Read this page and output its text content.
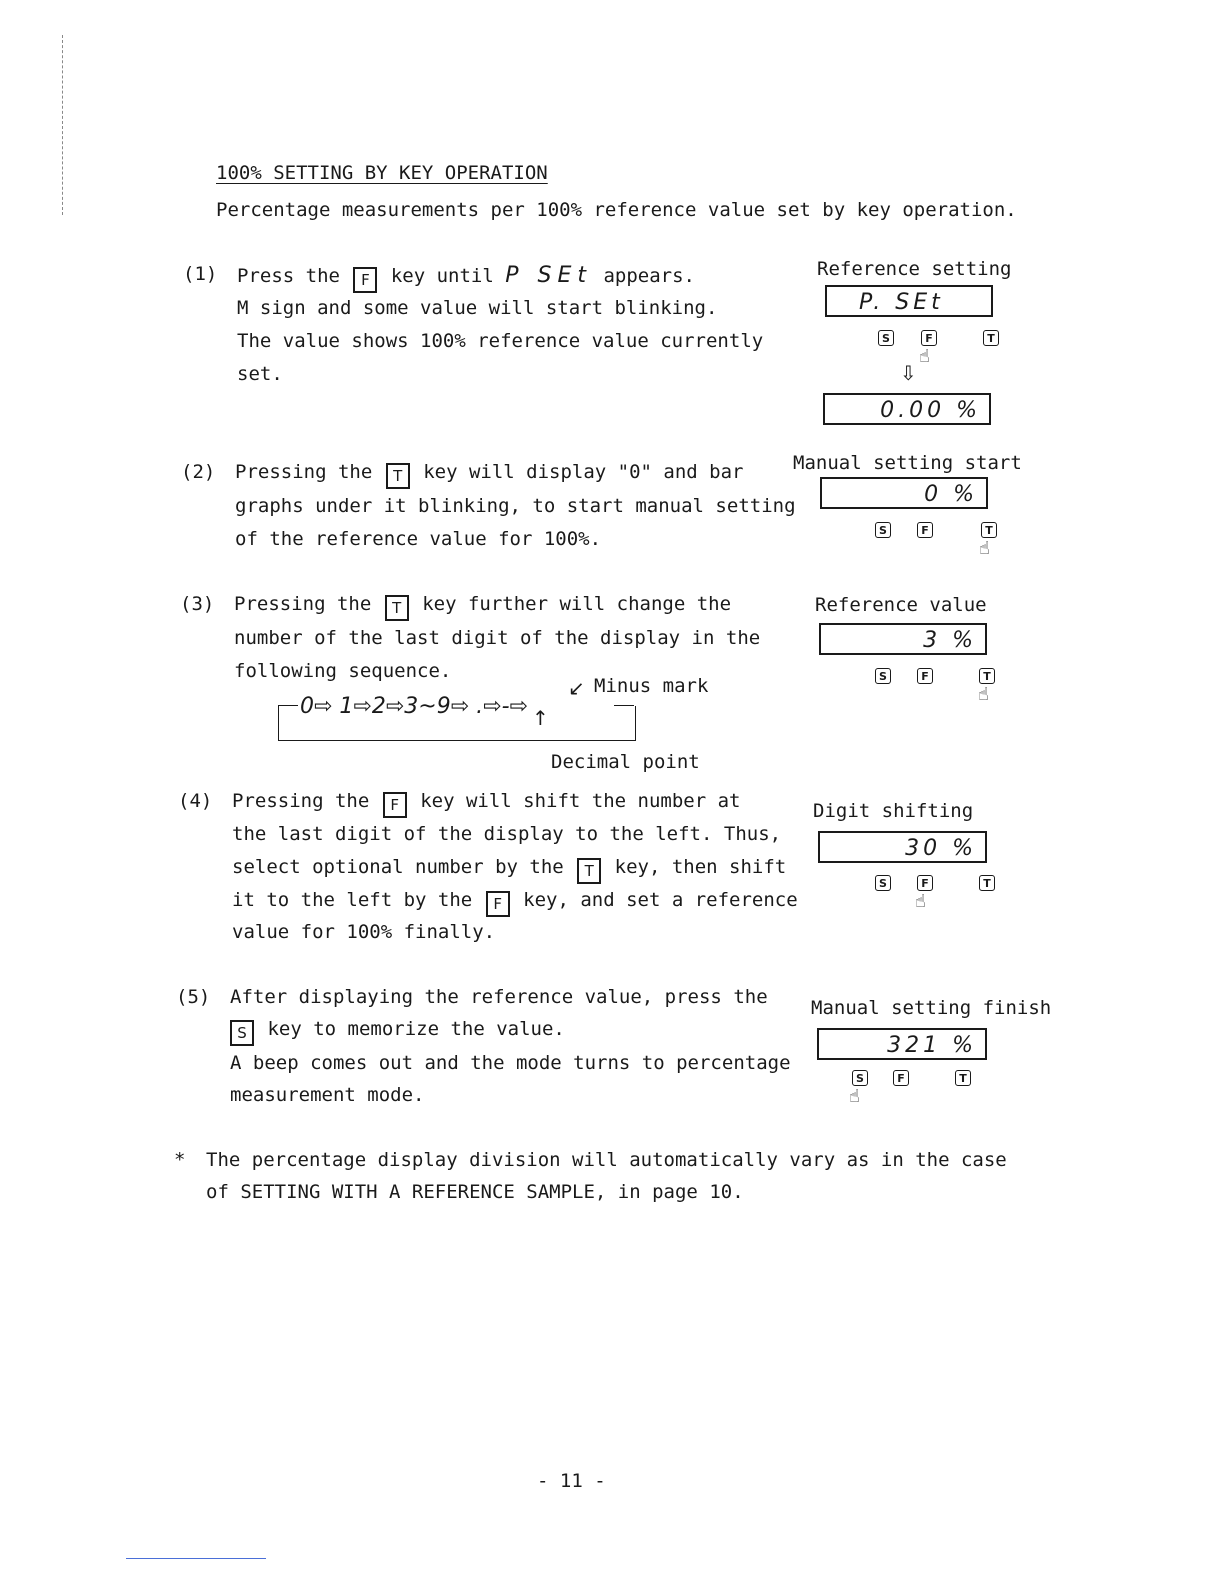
100% SETTING BY KEY OPERATION
Percentage measurements per 100% reference value set by key operation.
(1) Press the F key until P SEt appears.
M sign and some value will start blinking.
The value shows 100% reference value currently
set.
(2) Pressing the T key will display "0" and bar
graphs under it blinking, to start manual setting
of the reference value for 100%.
(3) Pressing the T key further will change the
number of the last digit of the display in the
following sequence.
Minus mark
↙
0⇨ 1⇨2⇨3~9⇨ .⇨-⇨ ↑
Decimal point
(4) Pressing the F key will shift the number at
the last digit of the display to the left. Thus,
select optional number by the T key, then shift
it to the left by the F key, and set a reference
value for 100% finally.
(5) After displaying the reference value, press the
S key to memorize the value.
A beep comes out and the mode turns to percentage
measurement mode.
* The percentage display division will automatically vary as in the case
of SETTING WITH A REFERENCE SAMPLE, in page 10.
Reference setting
P. SEt
S	F	T
☝
⇩
0.00 %
Manual setting start
0 %
S	F	T
☝
Reference value
3 %
S	F	T
☝
Digit shifting
30 %
S	F	T
☝
Manual setting finish
321 %
S	F	T
☝
- 11 -
